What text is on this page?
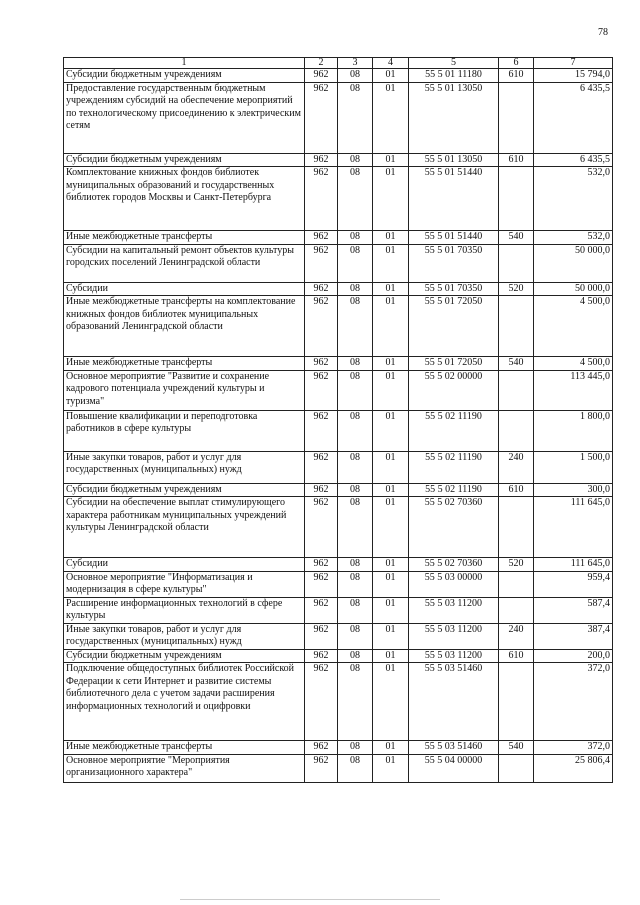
78
1	2	3	4	5	6	7
Субсидии бюджетным учреждениям	962	08	01	55 5 01 11180	610	15 794,0
Предоставление государственным бюджетным учреждениям субсидий на обеспечение мероприятий по технологическому присоединению к электрическим сетям	962	08	01	55 5 01 13050		6 435,5
Субсидии бюджетным учреждениям	962	08	01	55 5 01 13050	610	6 435,5
Комплектование книжных фондов библиотек муниципальных образований и государственных библиотек городов Москвы и Санкт-Петербурга	962	08	01	55 5 01 51440		532,0
Иные межбюджетные трансферты	962	08	01	55 5 01 51440	540	532,0
Субсидии на капитальный ремонт объектов культуры городских поселений Ленинградской области	962	08	01	55 5 01 70350		50 000,0
Субсидии	962	08	01	55 5 01 70350	520	50 000,0
Иные межбюджетные трансферты на комплектование книжных фондов библиотек муниципальных образований Ленинградской области	962	08	01	55 5 01 72050		4 500,0
Иные межбюджетные трансферты	962	08	01	55 5 01 72050	540	4 500,0
Основное мероприятие "Развитие и сохранение кадрового потенциала учреждений культуры и туризма"	962	08	01	55 5 02 00000		113 445,0
Повышение квалификации и переподготовка работников в сфере культуры	962	08	01	55 5 02 11190		1 800,0
Иные закупки товаров, работ и услуг для государственных (муниципальных) нужд	962	08	01	55 5 02 11190	240	1 500,0
Субсидии бюджетным учреждениям	962	08	01	55 5 02 11190	610	300,0
Субсидии на обеспечение выплат стимулирующего характера работникам муниципальных учреждений культуры Ленинградской области	962	08	01	55 5 02 70360		111 645,0
Субсидии	962	08	01	55 5 02 70360	520	111 645,0
Основное мероприятие "Информатизация и модернизация в сфере культуры"	962	08	01	55 5 03 00000		959,4
Расширение информационных технологий в сфере культуры	962	08	01	55 5 03 11200		587,4
Иные закупки товаров, работ и услуг для государственных (муниципальных) нужд	962	08	01	55 5 03 11200	240	387,4
Субсидии бюджетным учреждениям	962	08	01	55 5 03 11200	610	200,0
Подключение общедоступных библиотек Российской Федерации к сети Интернет и развитие системы библиотечного дела с учетом задачи расширения информационных технологий и оцифровки	962	08	01	55 5 03 51460		372,0
Иные межбюджетные трансферты	962	08	01	55 5 03 51460	540	372,0
Основное мероприятие "Мероприятия организационного характера"	962	08	01	55 5 04 00000		25 806,4
